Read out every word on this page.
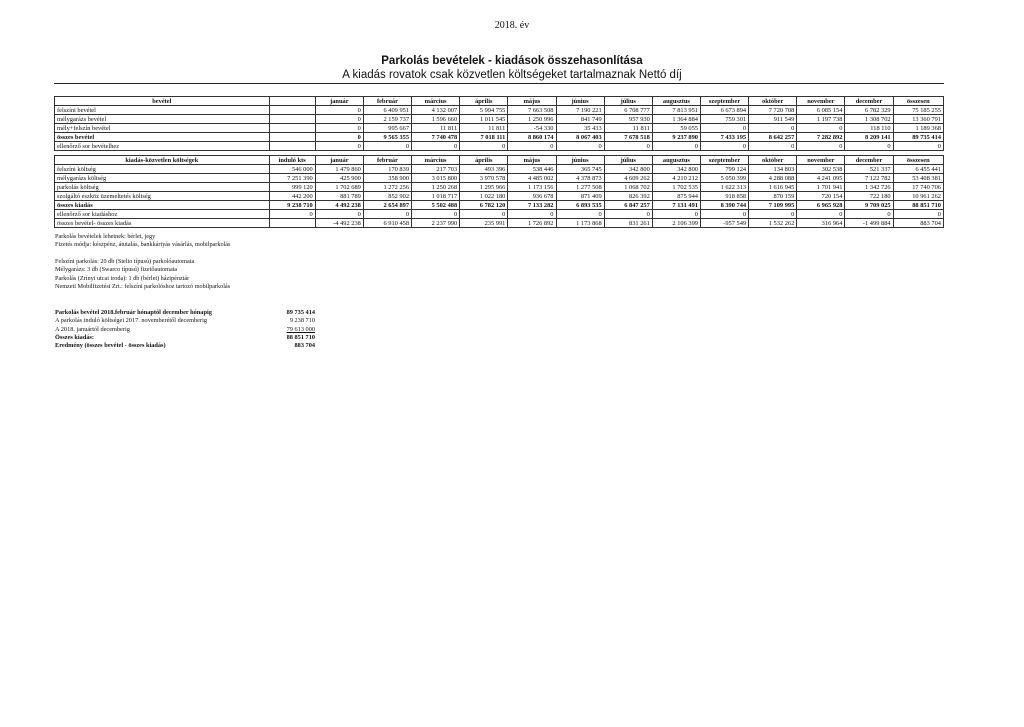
2018. év
Parkolás bevételek - kiadások összehasonlítása
A kiadás rovatok csak közvetlen költségeket tartalmaznak Nettó díj
bevétel		január	február	március	április	május	június	július	augusztus	szeptember	október	november	december	összesen
felszíni bevétel		0	6 409 951	4 132 007	5 994 755	7 663 508	7 190 221	6 708 777	7 813 951	6 673 894	7 720 708	6 085 154	6 782 329	75 185 255
mélygarázs bevétel		0	2 159 737	1 596 660	1 011 545	1 250 996	841 749	957 930	1 364 884	759 301	911 549	1 197 738	1 308 702	13 360 791
mély+felszín bevétel		0	995 667	11 811	11 811	-54 330	35 433	11 811	59 055	0	0	0	118 110	1 189 368
összes bevétel		0	9 565 355	7 740 478	7 018 111	8 860 174	8 067 403	7 678 518	9 237 890	7 433 195	8 642 257	7 282 892	8 209 141	89 735 414
ellenőrző sor bevételhez		0	0	0	0	0	0	0	0	0	0	0	0	0
kiadás-közvetlen költségek	induló kts	január	február	március	április	május	június	július	augusztus	szeptember	október	november	december	összesen
felszíni költség	546 000	1 479 860	170 839	217 703	493 396	538 446	365 745	342 800	342 800	799 124	134 803	302 538	521 337	6 455 441
mélygarázs költség	7 251 390	425 900	358 900	3 015 800	3 970 578	4 485 002	4 378 873	4 609 262	4 210 212	5 050 399	4 288 088	4 241 095	7 122 782	53 408 381
parkolás költség	999 120	1 702 689	1 272 256	1 250 268	1 295 966	1 173 156	1 277 508	1 068 702	1 702 535	1 622 313	1 616 945	1 701 941	1 342 726	17 740 706
szolgáltó eszköz üzemeltetés költség	442 200	881 789	852 902	1 018 717	1 022 180	936 678	871 409	826 392	875 944	918 858	870 159	720 154	722 180	10 961 262
összes kiadás	9 238 710	4 492 238	2 654 897	5 502 488	6 782 120	7 133 282	6 893 535	6 847 257	7 131 491	8 390 744	7 109 995	6 965 928	9 709 025	88 851 710
ellenőrző sor kiadáshoz	0	0	0	0	0	0	0	0	0	0	0	0	0	0
összes bevétel- összes kiadás		-4 492 238	6 910 458	2 237 990	235 991	1 726 892	1 173 868	831 261	2 106 399	-957 549	1 532 262	316 964	-1 499 884	883 704
Parkolás bevételek lehetnek: bérlet, jegy
Fizetés módja: készpénz, átutalás, bankkártyás vásárlás, mobilparkolás
Felszíni parkolás: 20 db (Stelio típusú) parkolóautomata
Mélygarázs: 3 db (Swarco típusú) fizetőautomata
Parkolás (Zrínyi utcai iroda): 1 db (bérlet) házipénztár
Nemzeti Mobilfizetési Zrt.: felszíni parkolóshoz tartozó mobilparkolás
Parkolás bevétel 2018.február hónaptól december hónapig	89 735 414
A parkolás induló költségei 2017. novemberétől decemberig	9 238 710
A 2018. januártól decemberig	79 613 000
Összes kiadás:	88 851 710
Eredmény (összes bevétel - összes kiadás)	883 704
